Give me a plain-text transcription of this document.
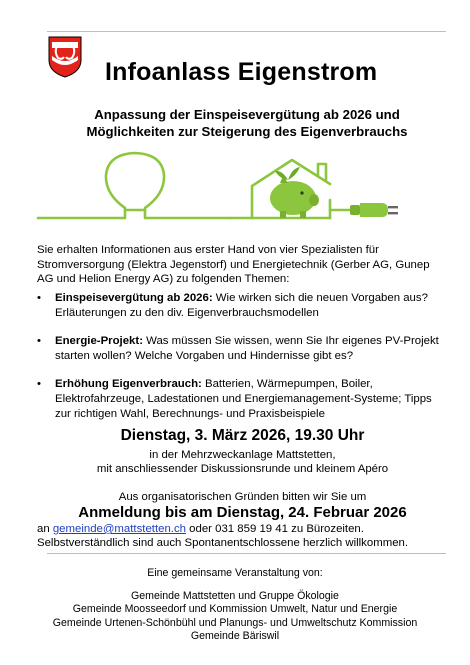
Infoanlass Eigenstrom
Anpassung der Einspeisevergütung ab 2026 und
Möglichkeiten zur Steigerung des Eigenverbrauchs
Sie erhalten Informationen aus erster Hand von vier Spezialisten für Stromversorgung (Elektra Jegenstorf) und Energietechnik (Gerber AG, Gunep AG und Helion Energy AG) zu folgenden Themen:
• Einspeisevergütung ab 2026: Wie wirken sich die neuen Vorgaben aus? Erläuterungen zu den div. Eigenverbrauchsmodellen
• Energie-Projekt: Was müssen Sie wissen, wenn Sie Ihr eigenes PV-Projekt starten wollen? Welche Vorgaben und Hindernisse gibt es?
• Erhöhung Eigenverbrauch: Batterien, Wärmepumpen, Boiler, Elektrofahrzeuge, Ladestationen und Energiemanagement-Systeme; Tipps zur richtigen Wahl, Berechnungs- und Praxisbeispiele
Dienstag, 3. März 2026, 19.30 Uhr
in der Mehrzweckanlage Mattstetten,
mit anschliessender Diskussionsrunde und kleinem Apéro
Aus organisatorischen Gründen bitten wir Sie um
Anmeldung bis am Dienstag, 24. Februar 2026
an gemeinde@mattstetten.ch oder 031 859 19 41 zu Bürozeiten.
Selbstverständlich sind auch Spontanentschlossene herzlich willkommen.
Eine gemeinsame Veranstaltung von:
Gemeinde Mattstetten und Gruppe Ökologie
Gemeinde Moosseedorf und Kommission Umwelt, Natur und Energie
Gemeinde Urtenen-Schönbühl und Planungs- und Umweltschutz Kommission
Gemeinde Bäriswil
